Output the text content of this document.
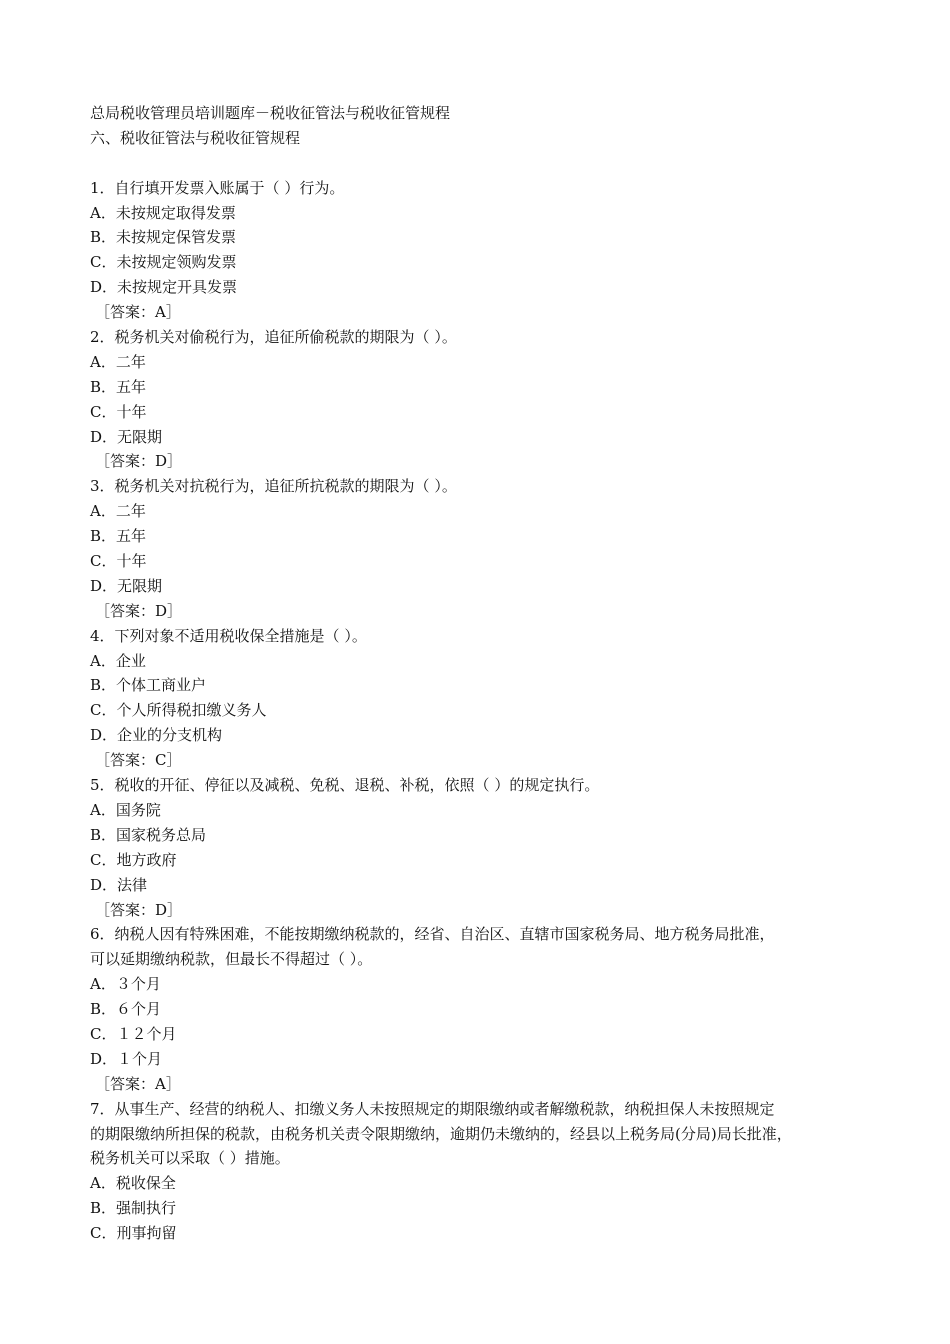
总局税收管理员培训题库－税收征管法与税收征管规程
六、税收征管法与税收征管规程
1．自行填开发票入账属于（ ）行为。
A．未按规定取得发票
B．未按规定保管发票
C．未按规定领购发票
D．未按规定开具发票
［答案：A］
2．税务机关对偷税行为，追征所偷税款的期限为（ ）。
A．二年
B．五年
C．十年
D．无限期
［答案：D］
3．税务机关对抗税行为，追征所抗税款的期限为（ ）。
A．二年
B．五年
C．十年
D．无限期
［答案：D］
4．下列对象不适用税收保全措施是（ ）。
A．企业
B．个体工商业户
C．个人所得税扣缴义务人
D．企业的分支机构
［答案：C］
5．税收的开征、停征以及减税、免税、退税、补税，依照（ ）的规定执行。
A．国务院
B．国家税务总局
C．地方政府
D．法律
［答案：D］
6．纳税人因有特殊困难，不能按期缴纳税款的，经省、自治区、直辖市国家税务局、地方税务局批准，
可以延期缴纳税款，但最长不得超过（ ）。
A．３个月
B．６个月
C．１２个月
D．１个月
［答案：A］
7．从事生产、经营的纳税人、扣缴义务人未按照规定的期限缴纳或者解缴税款，纳税担保人未按照规定
的期限缴纳所担保的税款，由税务机关责令限期缴纳，逾期仍未缴纳的，经县以上税务局(分局)局长批准，
税务机关可以采取（ ）措施。
A．税收保全
B．强制执行
C．刑事拘留
